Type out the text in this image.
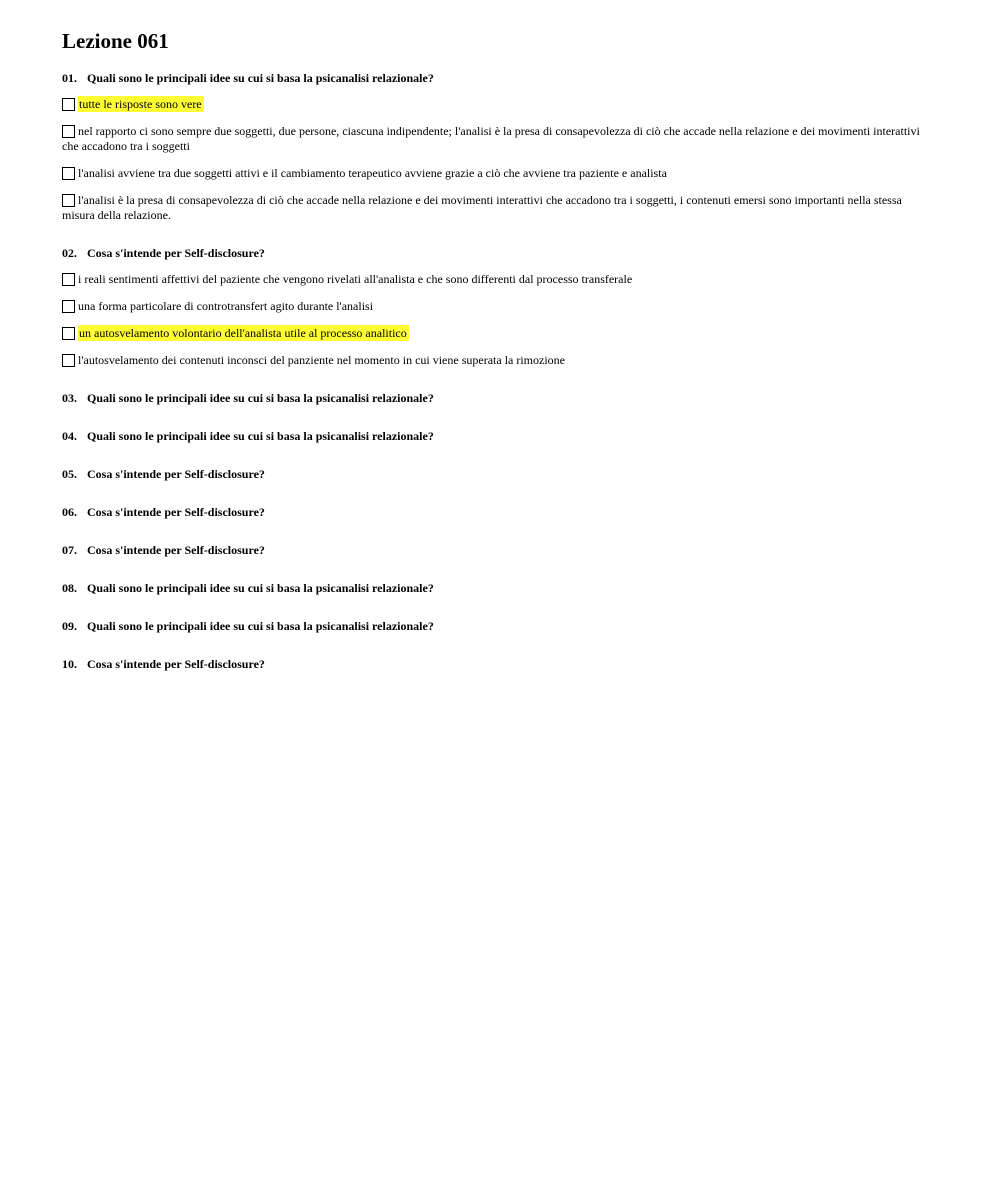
Lezione 061

01. Quali sono le principali idee su cui si basa la psicanalisi relazionale?

tutte le risposte sono vere
nel rapporto ci sono sempre due soggetti, due persone, ciascuna indipendente; l'analisi è la presa di consapevolezza di ciò che accade nella relazione e dei movimenti interattivi che accadono tra i soggetti
l'analisi avviene tra due soggetti attivi e il cambiamento terapeutico avviene grazie a ciò che avviene tra paziente e analista
l'analisi è la presa di consapevolezza di ciò che accade nella relazione e dei movimenti interattivi che accadono tra i soggetti, i contenuti emersi sono importanti nella stessa misura della relazione.

02. Cosa s'intende per Self-disclosure?

i reali sentimenti affettivi del paziente che vengono rivelati all'analista e che sono differenti dal processo transferale
una forma particolare di controtransfert agito durante l'analisi
un autosvelamento volontario dell'analista utile al processo analitico
l'autosvelamento dei contenuti inconsci del panziente nel momento in cui viene superata la rimozione

03. Quali sono le principali idee su cui si basa la psicanalisi relazionale?

04. Quali sono le principali idee su cui si basa la psicanalisi relazionale?

05. Cosa s'intende per Self-disclosure?

06. Cosa s'intende per Self-disclosure?

07. Cosa s'intende per Self-disclosure?

08. Quali sono le principali idee su cui si basa la psicanalisi relazionale?

09. Quali sono le principali idee su cui si basa la psicanalisi relazionale?

10. Cosa s'intende per Self-disclosure?
